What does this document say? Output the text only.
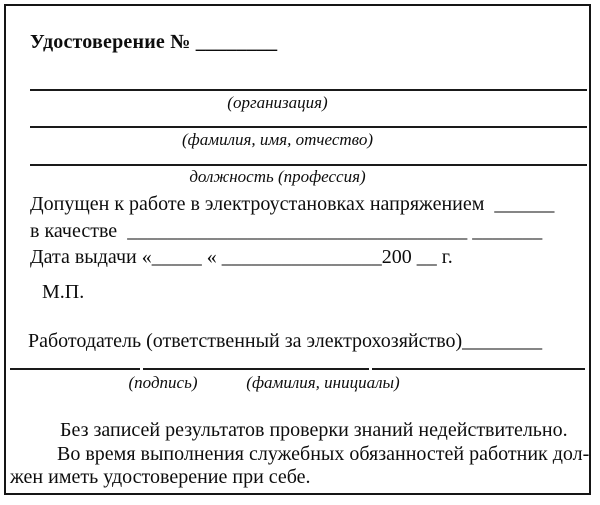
Удостоверение № ________
(организация)
(фамилия, имя, отчество)
должность (профессия)
Допущен к работе в электроустановках напряжением  ______
в качестве  __________________________________ _______
Дата выдачи «_____ « ________________200 __ г.
М.П.
Работодатель (ответственный за электрохозяйство)________
(подпись)	(фамилия, инициалы)
Без записей результатов проверки знаний недействительно.
Во время выполнения служебных обязанностей работник дол-
жен иметь удостоверение при себе.
